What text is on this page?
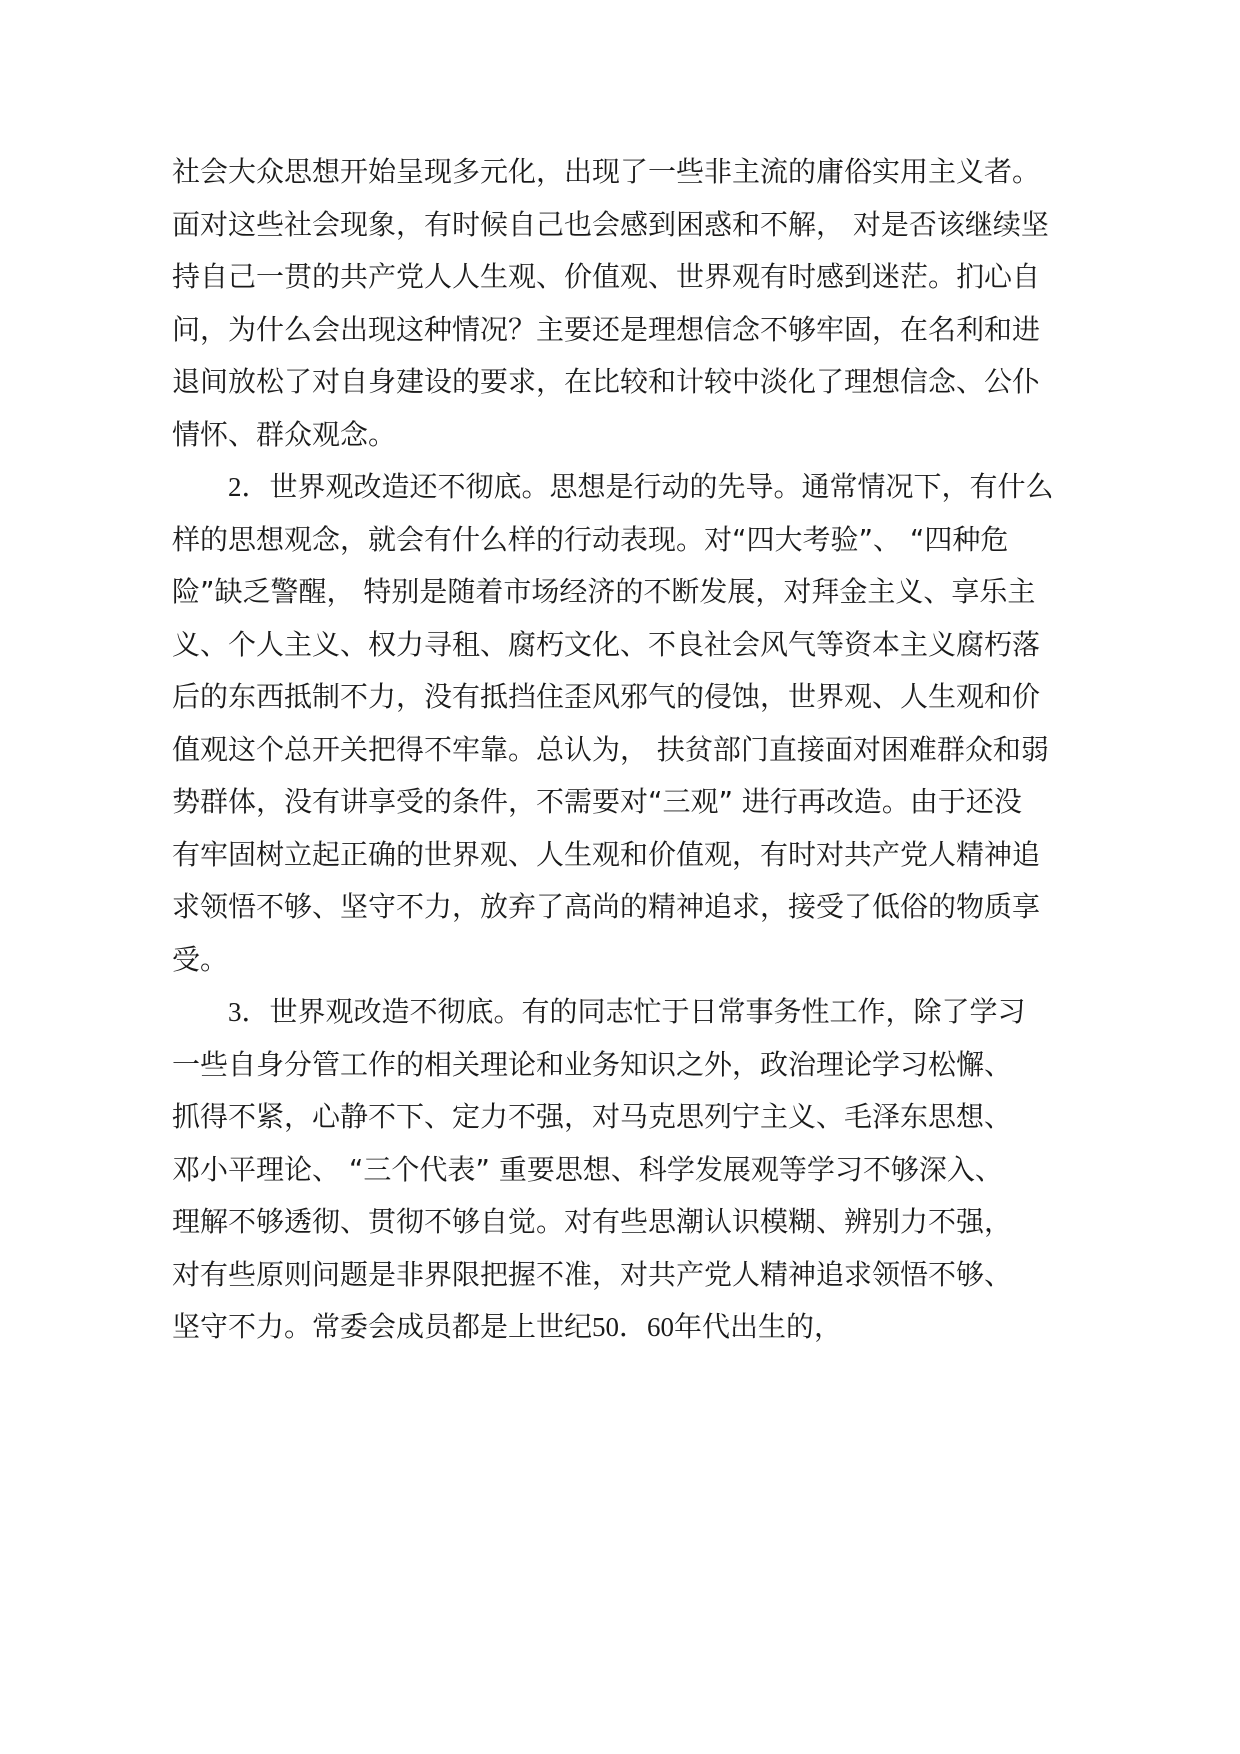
社会大众思想开始呈现多元化，出现了一些非主流的庸俗实用主义者。
面对这些社会现象，有时候自己也会感到困惑和不解， 对是否该继续坚
持自己一贯的共产党人人生观、价值观、世界观有时感到迷茫。扪心自
问，为什么会出现这种情况？主要还是理想信念不够牢固，在名利和进
退间放松了对自身建设的要求，在比较和计较中淡化了理想信念、公仆
情怀、群众观念。
2．世界观改造还不彻底。思想是行动的先导。通常情况下，有什么
样的思想观念，就会有什么样的行动表现。对“四大考验”、 “四种危
险”缺乏警醒， 特别是随着市场经济的不断发展，对拜金主义、享乐主
义、个人主义、权力寻租、腐朽文化、不良社会风气等资本主义腐朽落
后的东西抵制不力，没有抵挡住歪风邪气的侵蚀，世界观、人生观和价
值观这个总开关把得不牢靠。总认为， 扶贫部门直接面对困难群众和弱
势群体，没有讲享受的条件，不需要对“三观” 进行再改造。由于还没
有牢固树立起正确的世界观、人生观和价值观，有时对共产党人精神追
求领悟不够、坚守不力，放弃了高尚的精神追求，接受了低俗的物质享
受。
3．世界观改造不彻底。有的同志忙于日常事务性工作，除了学习
一些自身分管工作的相关理论和业务知识之外，政治理论学习松懈、
抓得不紧，心静不下、定力不强，对马克思列宁主义、毛泽东思想、
邓小平理论、 “三个代表” 重要思想、科学发展观等学习不够深入、
理解不够透彻、贯彻不够自觉。对有些思潮认识模糊、辨别力不强，
对有些原则问题是非界限把握不准，对共产党人精神追求领悟不够、
坚守不力。常委会成员都是上世纪50．60年代出生的，
